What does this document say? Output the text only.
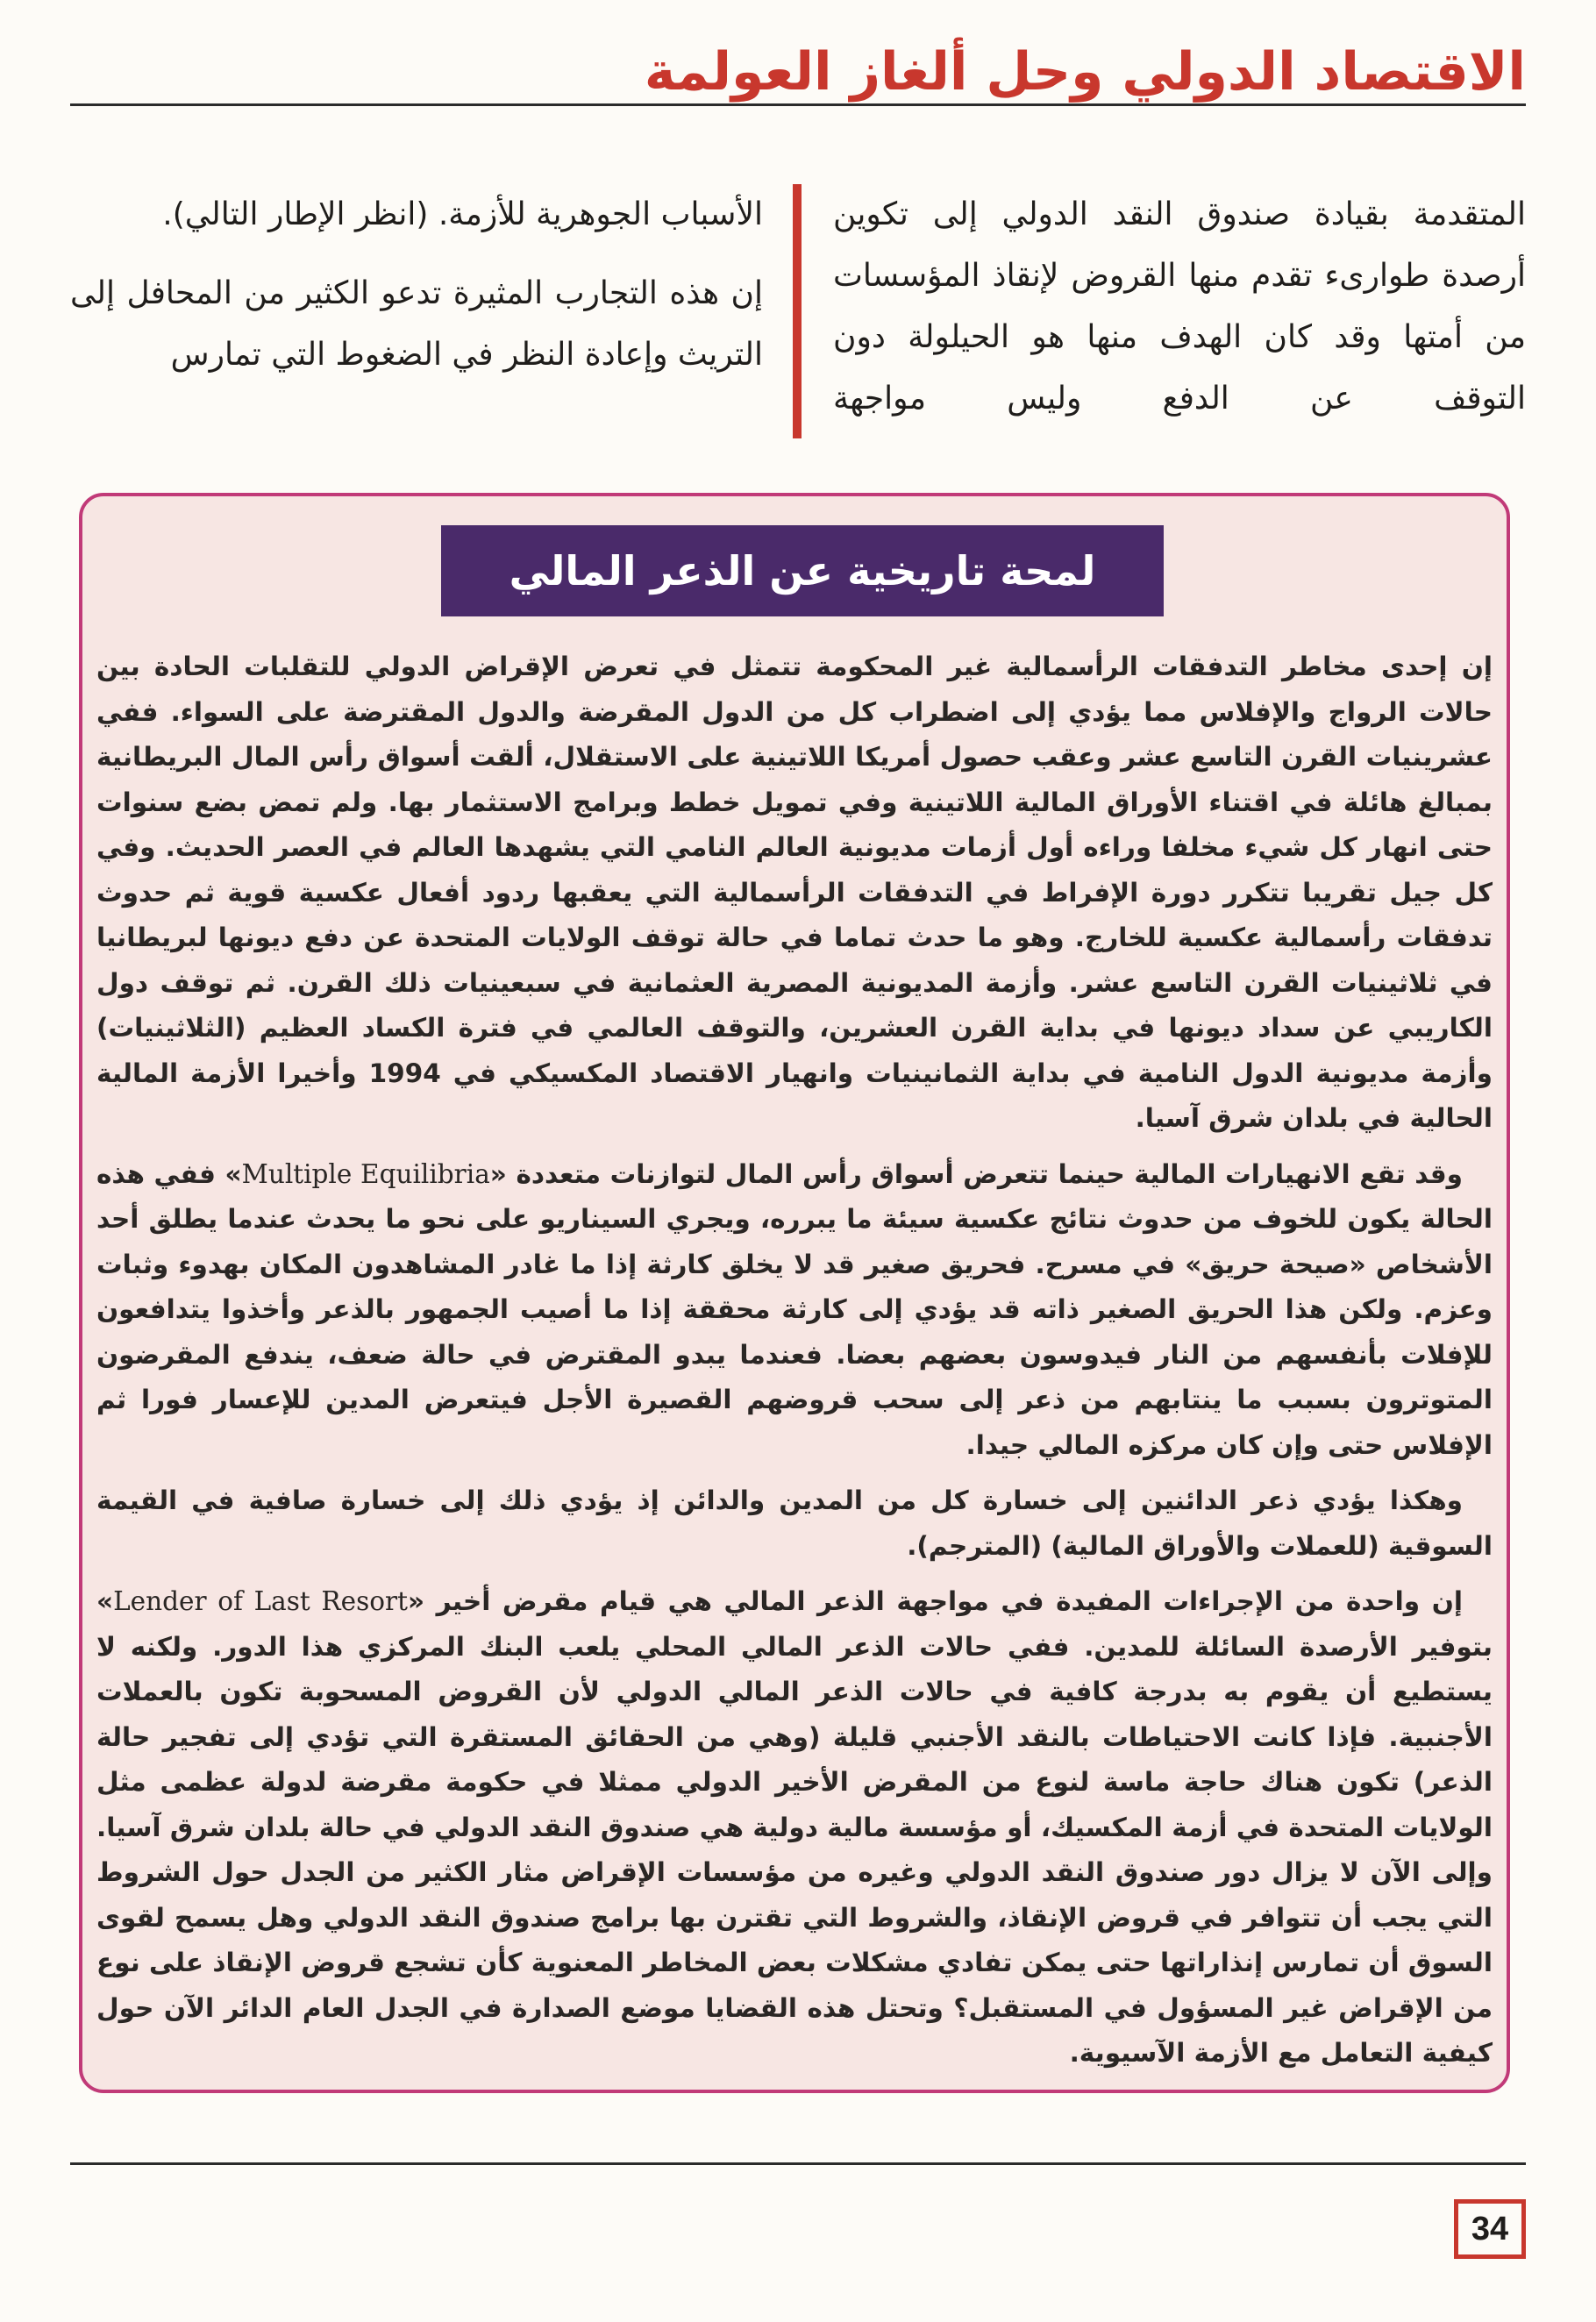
الاقتصاد الدولي وحل ألغاز العولمة

المتقدمة بقيادة صندوق النقد الدولي إلى تكوين أرصدة طوارىء تقدم منها القروض لإنقاذ المؤسسات من أمتها وقد كان الهدف منها هو الحيلولة دون التوقف عن الدفع وليس مواجهة

الأسباب الجوهرية للأزمة. (انظر الإطار التالي).

إن هذه التجارب المثيرة تدعو الكثير من المحافل إلى التريث وإعادة النظر في الضغوط التي تمارس

لمحة تاريخية عن الذعر المالي

إن إحدى مخاطر التدفقات الرأسمالية غير المحكومة تتمثل في تعرض الإقراض الدولي للتقلبات الحادة بين حالات الرواج والإفلاس مما يؤدي إلى اضطراب كل من الدول المقرضة والدول المقترضة على السواء. ففي عشرينيات القرن التاسع عشر وعقب حصول أمريكا اللاتينية على الاستقلال، ألقت أسواق رأس المال البريطانية بمبالغ هائلة في اقتناء الأوراق المالية اللاتينية وفي تمويل خطط وبرامج الاستثمار بها. ولم تمض بضع سنوات حتى انهار كل شيء مخلفا وراءه أول أزمات مديونية العالم النامي التي يشهدها العالم في العصر الحديث. وفي كل جيل تقريبا تتكرر دورة الإفراط في التدفقات الرأسمالية التي يعقبها ردود أفعال عكسية قوية ثم حدوث تدفقات رأسمالية عكسية للخارج. وهو ما حدث تماما في حالة توقف الولايات المتحدة عن دفع ديونها لبريطانيا في ثلاثينيات القرن التاسع عشر. وأزمة المديونية المصرية العثمانية في سبعينيات ذلك القرن. ثم توقف دول الكاريبي عن سداد ديونها في بداية القرن العشرين، والتوقف العالمي في فترة الكساد العظيم (الثلاثينيات) وأزمة مديونية الدول النامية في بداية الثمانينيات وانهيار الاقتصاد المكسيكي في 1994 وأخيرا الأزمة المالية الحالية في بلدان شرق آسيا.

وقد تقع الانهيارات المالية حينما تتعرض أسواق رأس المال لتوازنات متعددة «Multiple Equilibria» ففي هذه الحالة يكون للخوف من حدوث نتائج عكسية سيئة ما يبرره، ويجري السيناريو على نحو ما يحدث عندما يطلق أحد الأشخاص «صيحة حريق» في مسرح. فحريق صغير قد لا يخلق كارثة إذا ما غادر المشاهدون المكان بهدوء وثبات وعزم. ولكن هذا الحريق الصغير ذاته قد يؤدي إلى كارثة محققة إذا ما أصيب الجمهور بالذعر وأخذوا يتدافعون للإفلات بأنفسهم من النار فيدوسون بعضهم بعضا. فعندما يبدو المقترض في حالة ضعف، يندفع المقرضون المتوترون بسبب ما ينتابهم من ذعر إلى سحب قروضهم القصيرة الأجل فيتعرض المدين للإعسار فورا ثم الإفلاس حتى وإن كان مركزه المالي جيدا.

وهكذا يؤدي ذعر الدائنين إلى خسارة كل من المدين والدائن إذ يؤدي ذلك إلى خسارة صافية في القيمة السوقية (للعملات والأوراق المالية) (المترجم).

إن واحدة من الإجراءات المفيدة في مواجهة الذعر المالي هي قيام مقرض أخير «Lender of Last Resort» بتوفير الأرصدة السائلة للمدين. ففي حالات الذعر المالي المحلي يلعب البنك المركزي هذا الدور. ولكنه لا يستطيع أن يقوم به بدرجة كافية في حالات الذعر المالي الدولي لأن القروض المسحوبة تكون بالعملات الأجنبية. فإذا كانت الاحتياطات بالنقد الأجنبي قليلة (وهي من الحقائق المستقرة التي تؤدي إلى تفجير حالة الذعر) تكون هناك حاجة ماسة لنوع من المقرض الأخير الدولي ممثلا في حكومة مقرضة لدولة عظمى مثل الولايات المتحدة في أزمة المكسيك، أو مؤسسة مالية دولية هي صندوق النقد الدولي في حالة بلدان شرق آسيا. وإلى الآن لا يزال دور صندوق النقد الدولي وغيره من مؤسسات الإقراض مثار الكثير من الجدل حول الشروط التي يجب أن تتوافر في قروض الإنقاذ، والشروط التي تقترن بها برامج صندوق النقد الدولي وهل يسمح لقوى السوق أن تمارس إنذاراتها حتى يمكن تفادي مشكلات بعض المخاطر المعنوية كأن تشجع قروض الإنقاذ على نوع من الإقراض غير المسؤول في المستقبل؟ وتحتل هذه القضايا موضع الصدارة في الجدل العام الدائر الآن حول كيفية التعامل مع الأزمة الآسيوية.

34
